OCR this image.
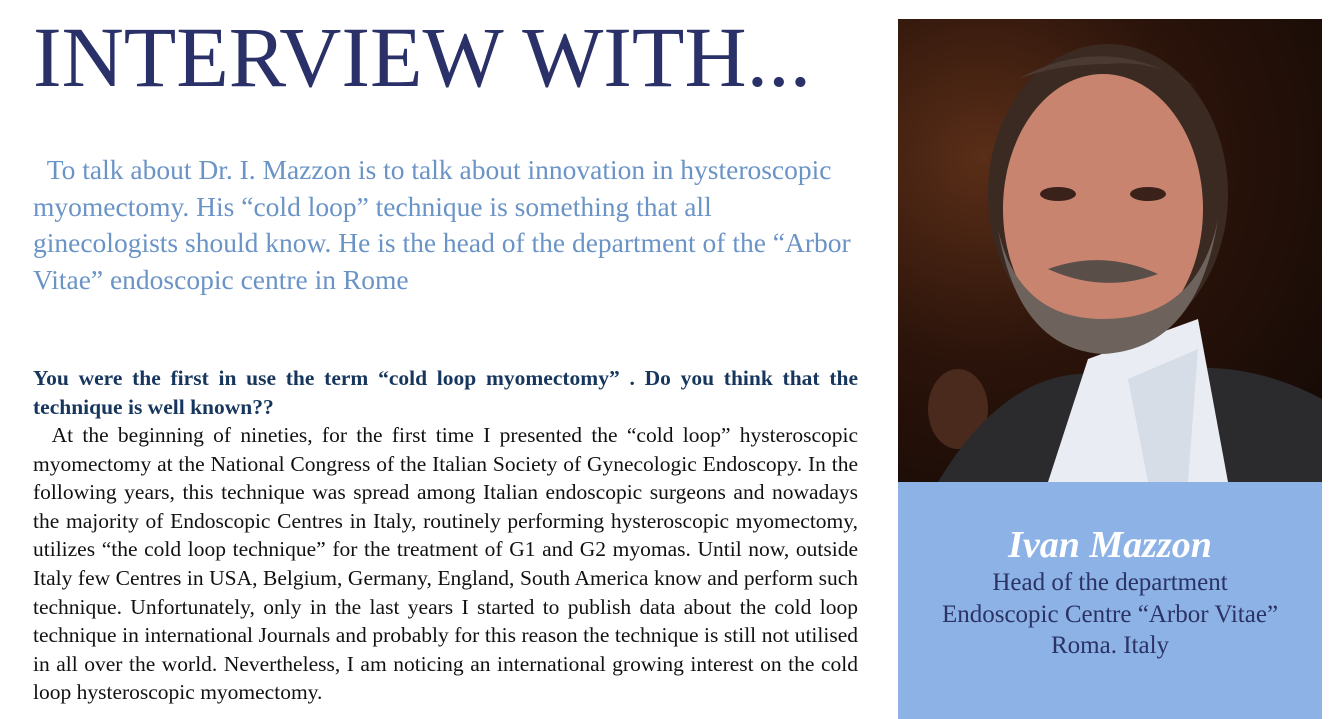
INTERVIEW WITH...
To talk about Dr. I. Mazzon is to talk about innovation in hysteroscopic myomectomy. His “cold loop” technique is something that all ginecologists should know. He is the head of the department of the “Arbor Vitae” endoscopic centre in Rome
You were the first in use the term “cold loop myomectomy” . Do you think that the technique is well known??
At the beginning of nineties, for the first time I presented the “cold loop” hysteroscopic myomectomy at the National Congress of the Italian Society of Gynecologic Endoscopy. In the following years, this technique was spread among Italian endoscopic surgeons and nowadays the majority of Endoscopic Centres in Italy, routinely performing hysteroscopic myomectomy, utilizes “the cold loop technique” for the treatment of G1 and G2 myomas. Until now, outside Italy few Centres in USA, Belgium, Germany, England, South America know and perform such technique. Unfortunately, only in the last years I started to publish data about the cold loop technique in international Journals and probably for this reason the technique is still not utilised in all over the world. Nevertheless, I am noticing an international growing interest on the cold loop hysteroscopic myomectomy.
Ivan Mazzon
Head of the department
Endoscopic Centre “Arbor Vitae”
Roma. Italy
